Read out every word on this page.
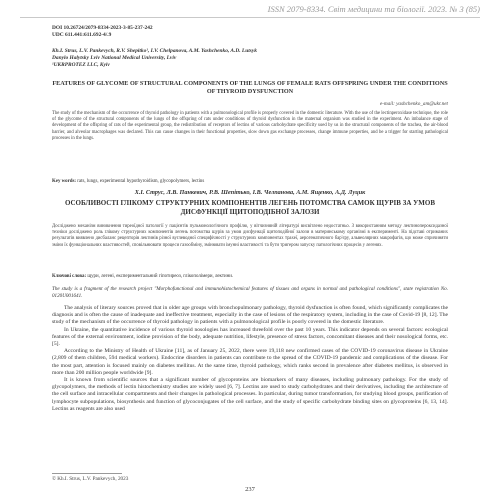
ISSN 2079-8334. Світ медицини та біології. 2023. № 3 (85)
DOI 10.26724/2079-8334-2023-3-85-237-242
UDC 611.441:611.692-4/.9
Kh.I. Strus, L.V. Pankevych, R.V. Shepitko¹, I.V. Chelpanova, A.M. Yashchenko, A.D. Lutsyk
Danylo Halytsky Lviv National Medical University, Lviv
¹UKRPROTEZ LLC, Kyiv
FEATURES OF GLYCOME OF STRUCTURAL COMPONENTS OF THE LUNGS OF FEMALE RATS OFFSPRING UNDER THE CONDITIONS OF THYROID DYSFUNCTION
e-mail: yashchenko_am@ukr.net
The study of the mechanism of the occurrence of thyroid pathology in patients with a pulmonological profile is properly covered in the domestic literature. With the use of the lectinperoxidase technique, the role of the glycome of the structural components of the lungs of the offspring of rats under conditions of thyroid dysfunction in the maternal organism was studied in the experiment. An imbalance stage of development of the offspring of rats of the experimental group, the redistribution of receptors of lectins of various carbohydrate specificity used by us in the structural components of the trachea, the air-blood barrier, and alveolar macrophages was declared. This can cause changes in their functional properties, slow down gas exchange processes, change immune properties, and be a trigger for starting pathological processes in the lungs.
Key words: rats, lungs, experimental hypothyroidism, glycopolymers, lectins
Х.І. Струс, Л.В. Панкевич, Р.В. Шепітько, І.В. Челпанова, А.М. Ященко, А.Д. Луцик
ОСОБЛИВОСТІ ГЛІКОМУ СТРУКТУРНИХ КОМПОНЕНТІВ ЛЕГЕНЬ ПОТОМСТВА САМОК ЩУРІВ ЗА УМОВ ДИСФУНКЦІЇ ЩИТОПОДІБНОЇ ЗАЛОЗИ
Досліджено механізм виникнення тиреоїдної патології у пацієнтів пульмонологічного профілю, у вітчизняній літературі висвітлено недостатньо. З використанням методу лектинопероксидазної техніки досліджено роль глікому структурних компонентів легень потомства щурів за умов дисфункції щитоподібної залози в материнському організмі в експерименті. На підставі отриманих результатів виявлено дисбаланс рецепторів лектинів різної вуглеводної специфічності у структурних компонентах трахеї, аерогематичного бар'єру, альвеолярних макрофагів, що може спричиняти зміни їх функціональних властивостей, сповільнювати процеси газообміну, змінювати імунні властивості та бути тригером запуску патологічних процесів у легенях.
Ключові слова: щури, легені, експериментальний гіпотиреоз, глікополімери, лектини.
The study is a fragment of the research project "Morphofunctional and immunohistochemical features of tissues and organs in normal and pathological conditions", state registration No. 0120U001641.

The analysis of literary sources proved that in older age groups with bronchopulmonary pathology, thyroid dysfunction is often found, which significantly complicates the diagnosis and is often the cause of inadequate and ineffective treatment, especially in the case of lesions of the respiratory system, including in the case of Covid-19 [8, 12]. The study of the mechanism of the occurrence of thyroid pathology in patients with a pulmonological profile is poorly covered in the domestic literature.

In Ukraine, the quantitative incidence of various thyroid nosologies has increased threefold over the past 10 years. This indicator depends on several factors: ecological features of the external environment, iodine provision of the body, adequate nutrition, lifestyle, presence of stress factors, concomitant diseases and their nosological forms, etc. [5].

According to the Ministry of Health of Ukraine [11], as of January 25, 2022, there were 19,118 new confirmed cases of the COVID-19 coronavirus disease in Ukraine (2,809 of them children, 594 medical workers). Endocrine disorders in patients can contribute to the spread of the COVID-19 pandemic and complications of the disease. For the most part, attention is focused mainly on diabetes mellitus. At the same time, thyroid pathology, which ranks second in prevalence after diabetes mellitus, is observed in more than 200 million people worldwide [9].

It is known from scientific sources that a significant number of glycoproteins are biomarkers of many diseases, including pulmonary pathology. For the study of glycopolymers, the methods of lectin histochemistry studies are widely used [6, 7]. Lectins are used to study carbohydrates and their derivatives, including the architecture of the cell surface and intracellular compartments and their changes in pathological processes. In particular, during tumor transformation, for studying blood groups, purification of lymphocyte subpopulations, biosynthesis and function of glycoconjugates of the cell surface, and the study of specific carbohydrate binding sites on glycoproteins [6, 13, 14]. Lectins as reagents are also used

© Kh.I. Strus, L.V. Pankevych, 2023
237
